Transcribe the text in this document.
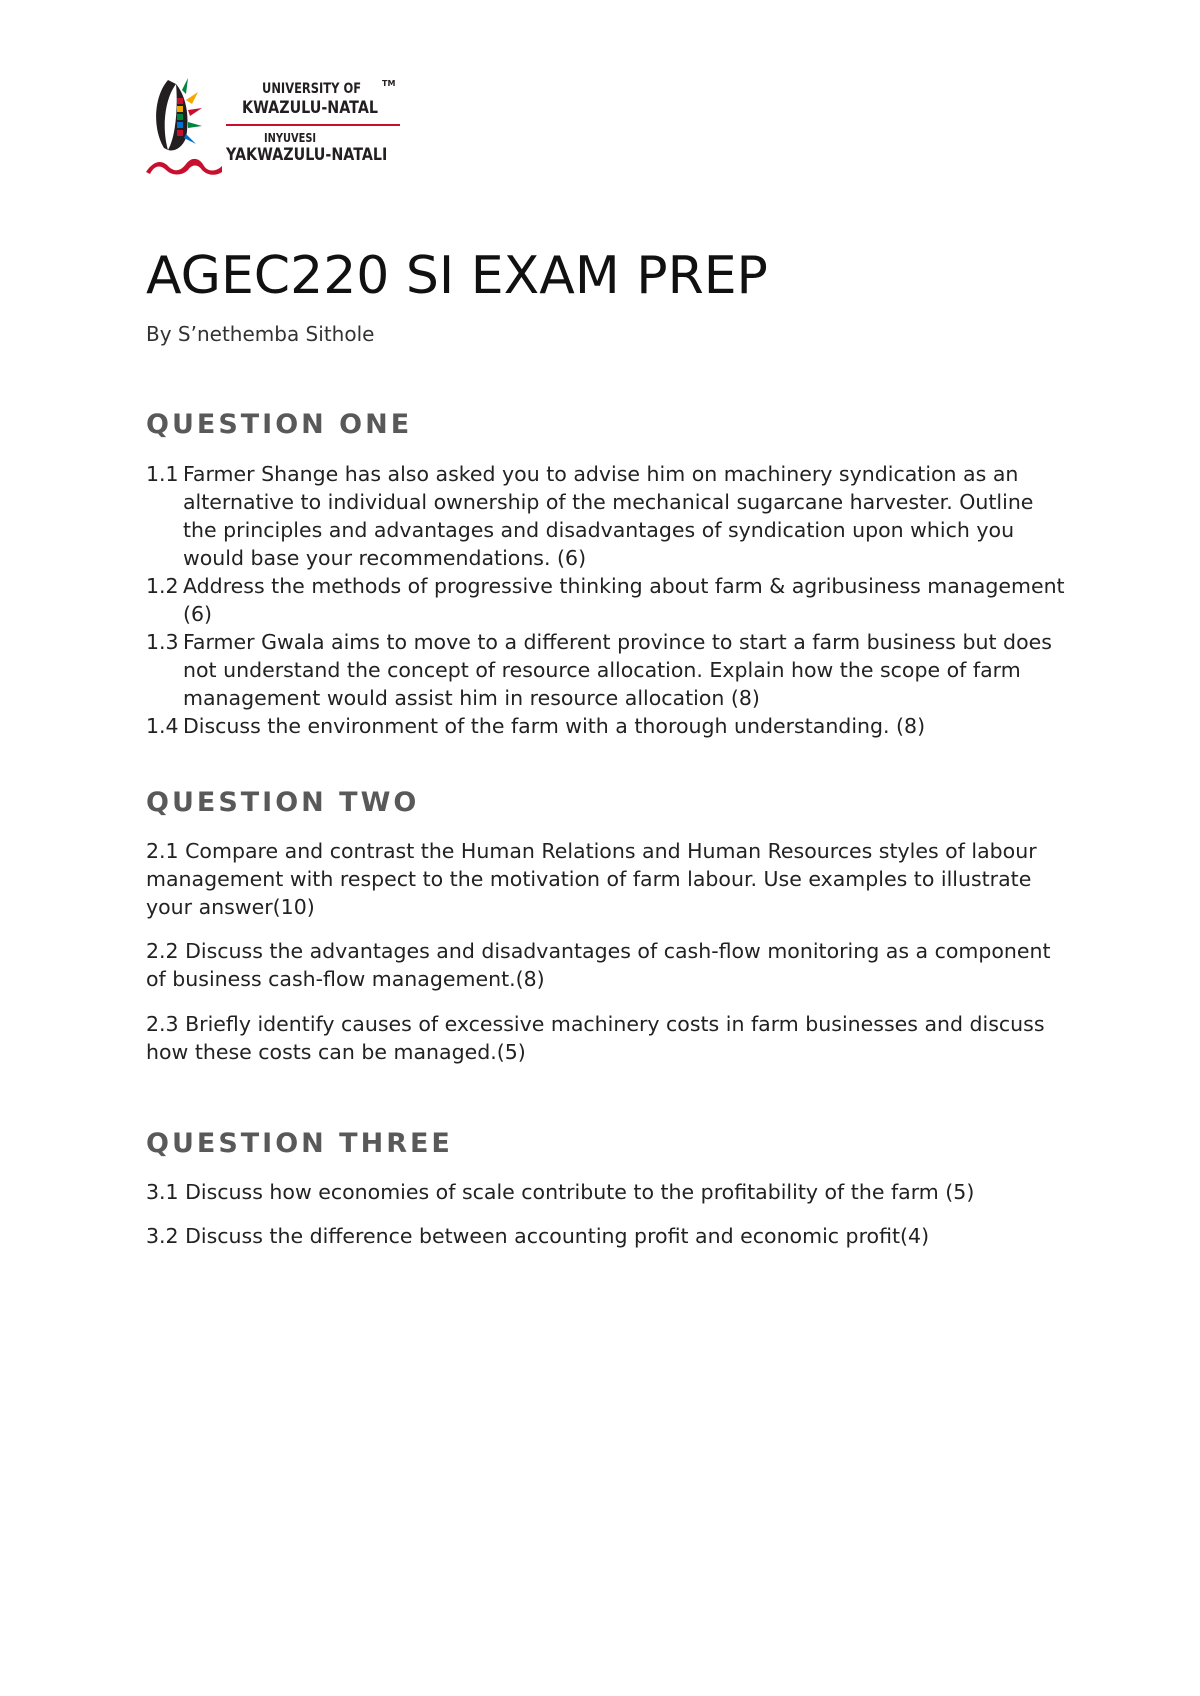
UNIVERSITY OF
KWAZULU-NATAL
INYUVESI
YAKWAZULU-NATALI
TM
AGEC220 SI EXAM PREP

By S’nethemba Sithole

QUESTION ONE
1.1 Farmer Shange has also asked you to advise him on machinery syndication as an alternative to individual ownership of the mechanical sugarcane harvester. Outline the principles and advantages and disadvantages of syndication upon which you would base your recommendations. (6)
1.2 Address the methods of progressive thinking about farm & agribusiness management (6)
1.3 Farmer Gwala aims to move to a different province to start a farm business but does not understand the concept of resource allocation. Explain how the scope of farm management would assist him in resource allocation (8)
1.4 Discuss the environment of the farm with a thorough understanding. (8)
QUESTION TWO

2.1 Compare and contrast the Human Relations and Human Resources styles of labour management with respect to the motivation of farm labour. Use examples to illustrate your answer(10)

2.2 Discuss the advantages and disadvantages of cash-flow monitoring as a component of business cash-flow management.(8)

2.3 Briefly identify causes of excessive machinery costs in farm businesses and discuss how these costs can be managed.(5)

QUESTION THREE

3.1 Discuss how economies of scale contribute to the profitability of the farm (5)

3.2 Discuss the difference between accounting profit and economic profit(4)
